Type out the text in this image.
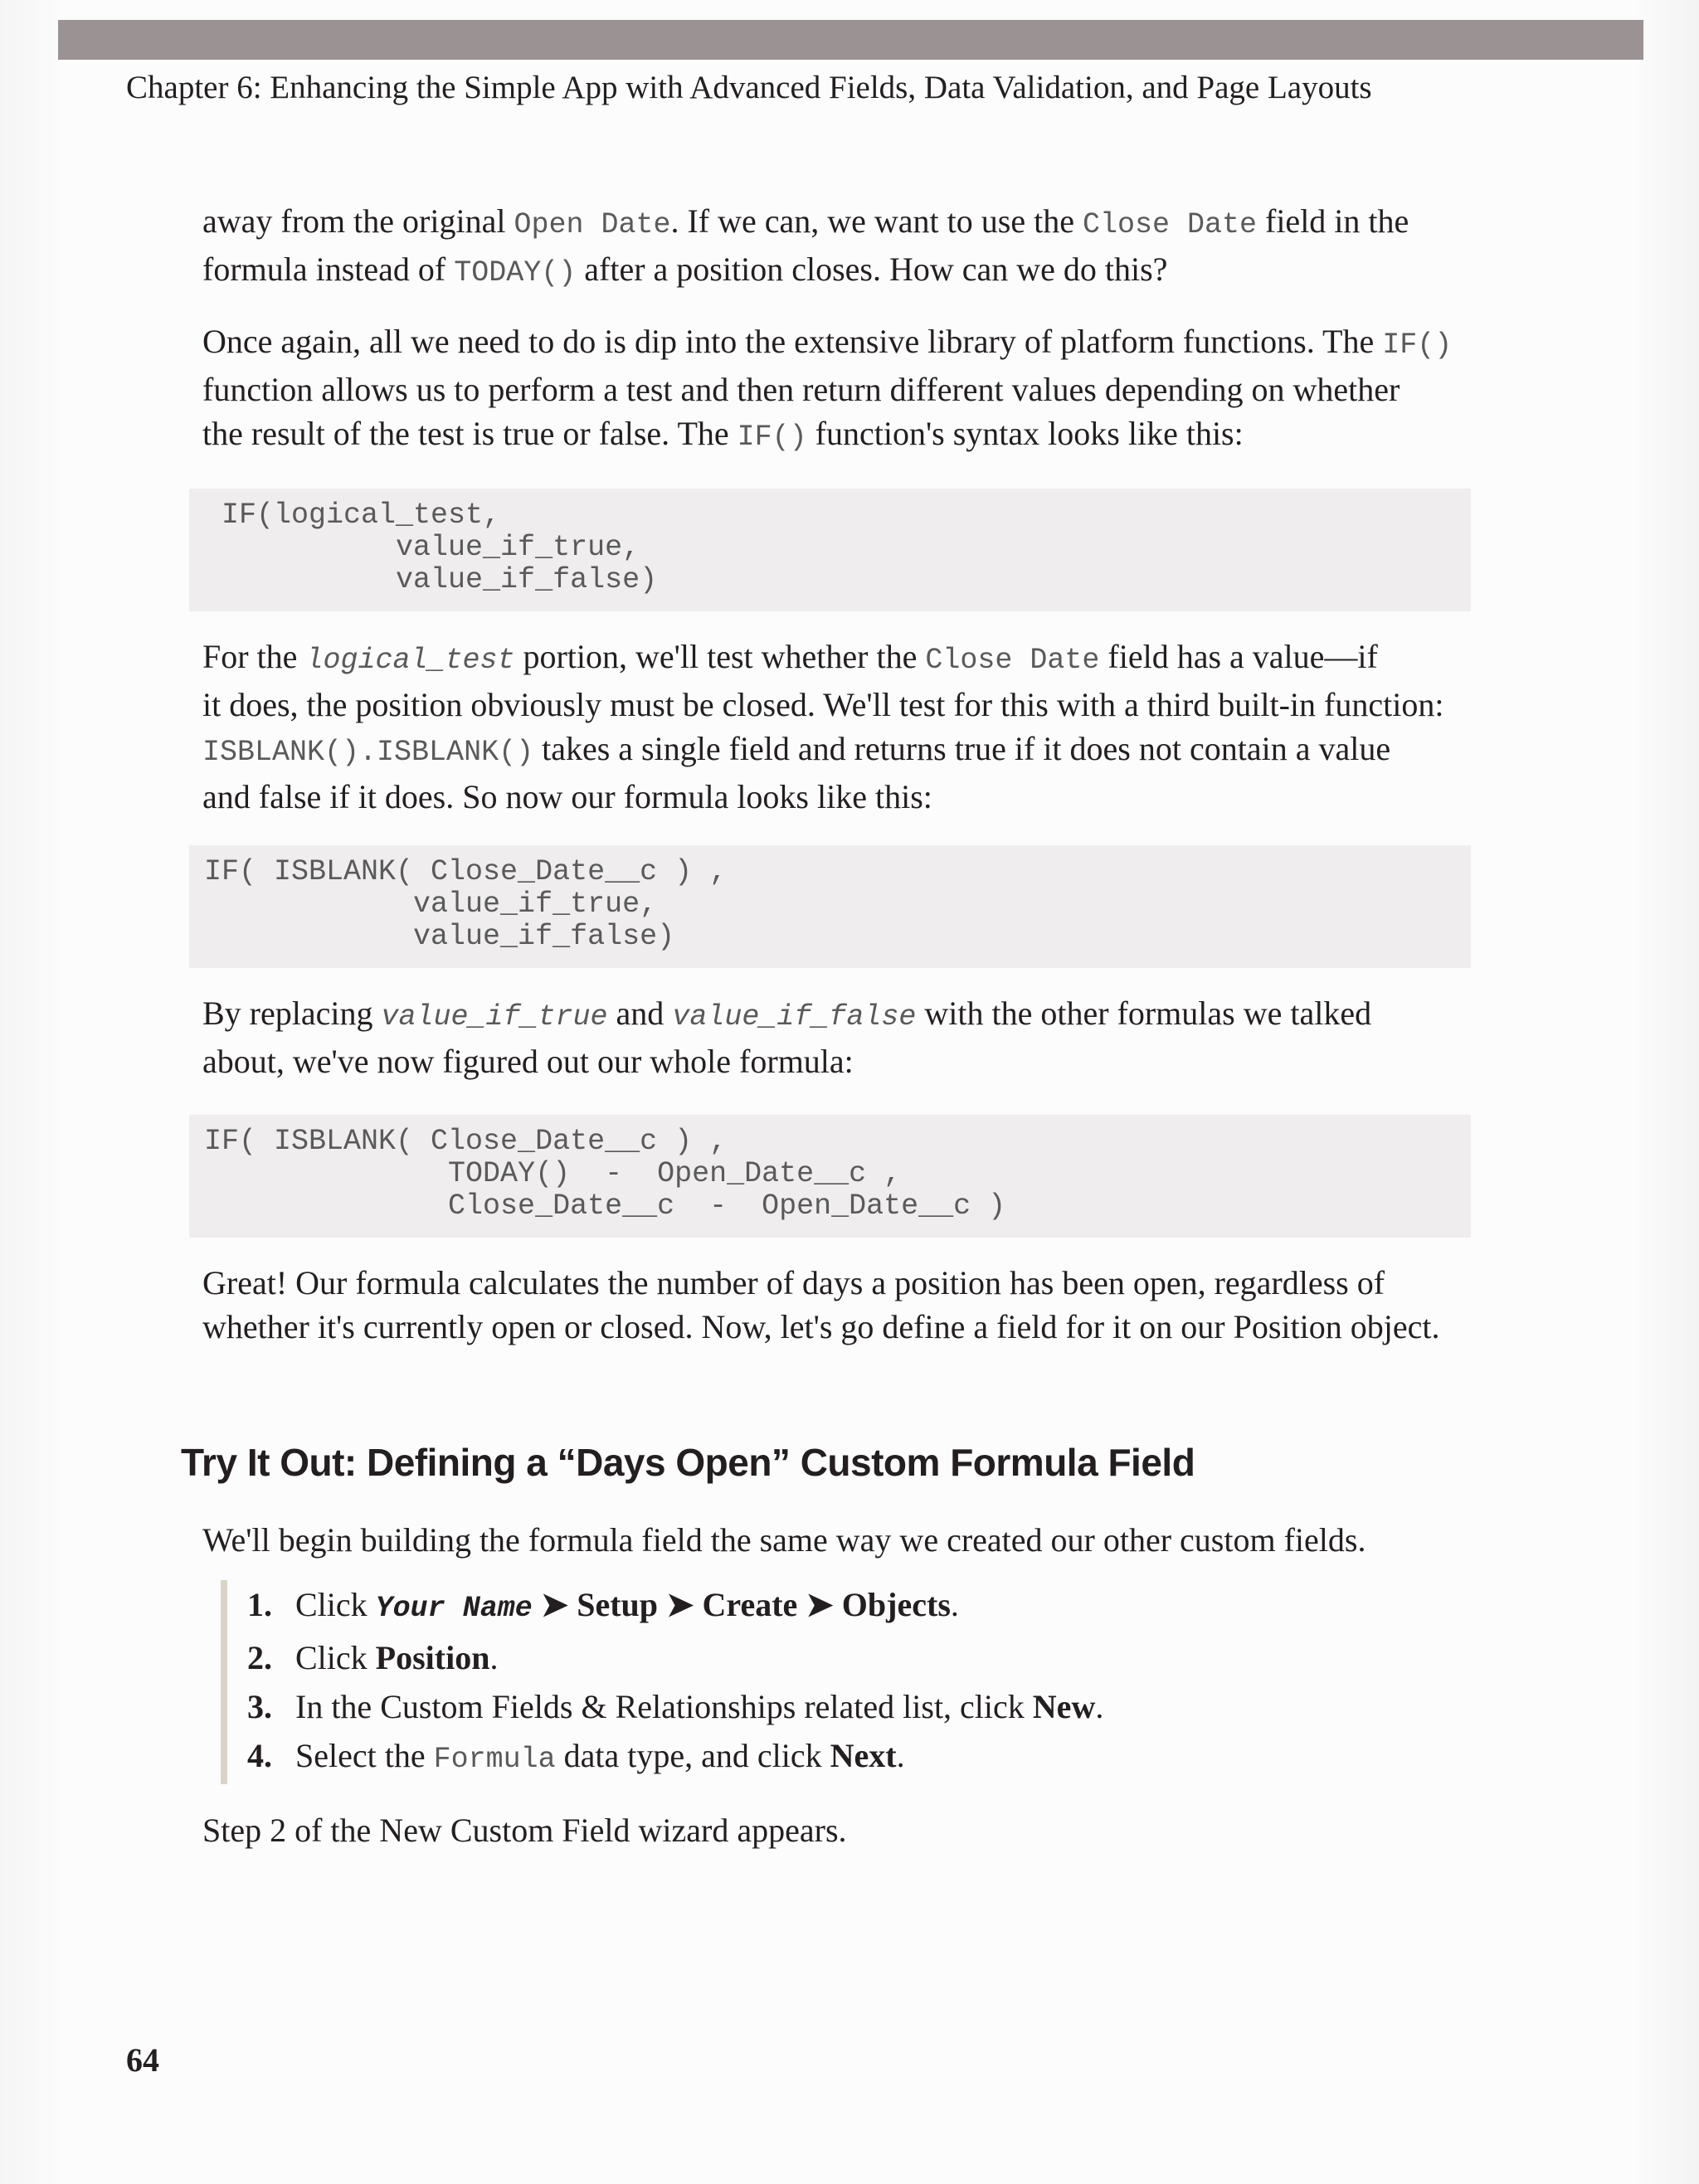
Chapter 6: Enhancing the Simple App with Advanced Fields, Data Validation, and Page Layouts

away from the original Open Date. If we can, we want to use the Close Date field in the
formula instead of TODAY() after a position closes. How can we do this?

Once again, all we need to do is dip into the extensive library of platform functions. The IF()
function allows us to perform a test and then return different values depending on whether
the result of the test is true or false. The IF() function's syntax looks like this:

IF(logical_test,
value_if_true,
value_if_false)

For the logical_test portion, we'll test whether the Close Date field has a value—if
it does, the position obviously must be closed. We'll test for this with a third built-in function:
ISBLANK().ISBLANK() takes a single field and returns true if it does not contain a value
and false if it does. So now our formula looks like this:

IF( ISBLANK( Close_Date__c ) ,
value_if_true,
value_if_false)

By replacing value_if_true and value_if_false with the other formulas we talked
about, we've now figured out our whole formula:

IF( ISBLANK( Close_Date__c ) ,
TODAY()  -  Open_Date__c ,
Close_Date__c  -  Open_Date__c )

Great! Our formula calculates the number of days a position has been open, regardless of
whether it's currently open or closed. Now, let's go define a field for it on our Position object.

Try It Out: Defining a “Days Open” Custom Formula Field

We'll begin building the formula field the same way we created our other custom fields.

1. Click Your Name ➤ Setup ➤ Create ➤ Objects.
2. Click Position.
3. In the Custom Fields & Relationships related list, click New.
4. Select the Formula data type, and click Next.

Step 2 of the New Custom Field wizard appears.

64
